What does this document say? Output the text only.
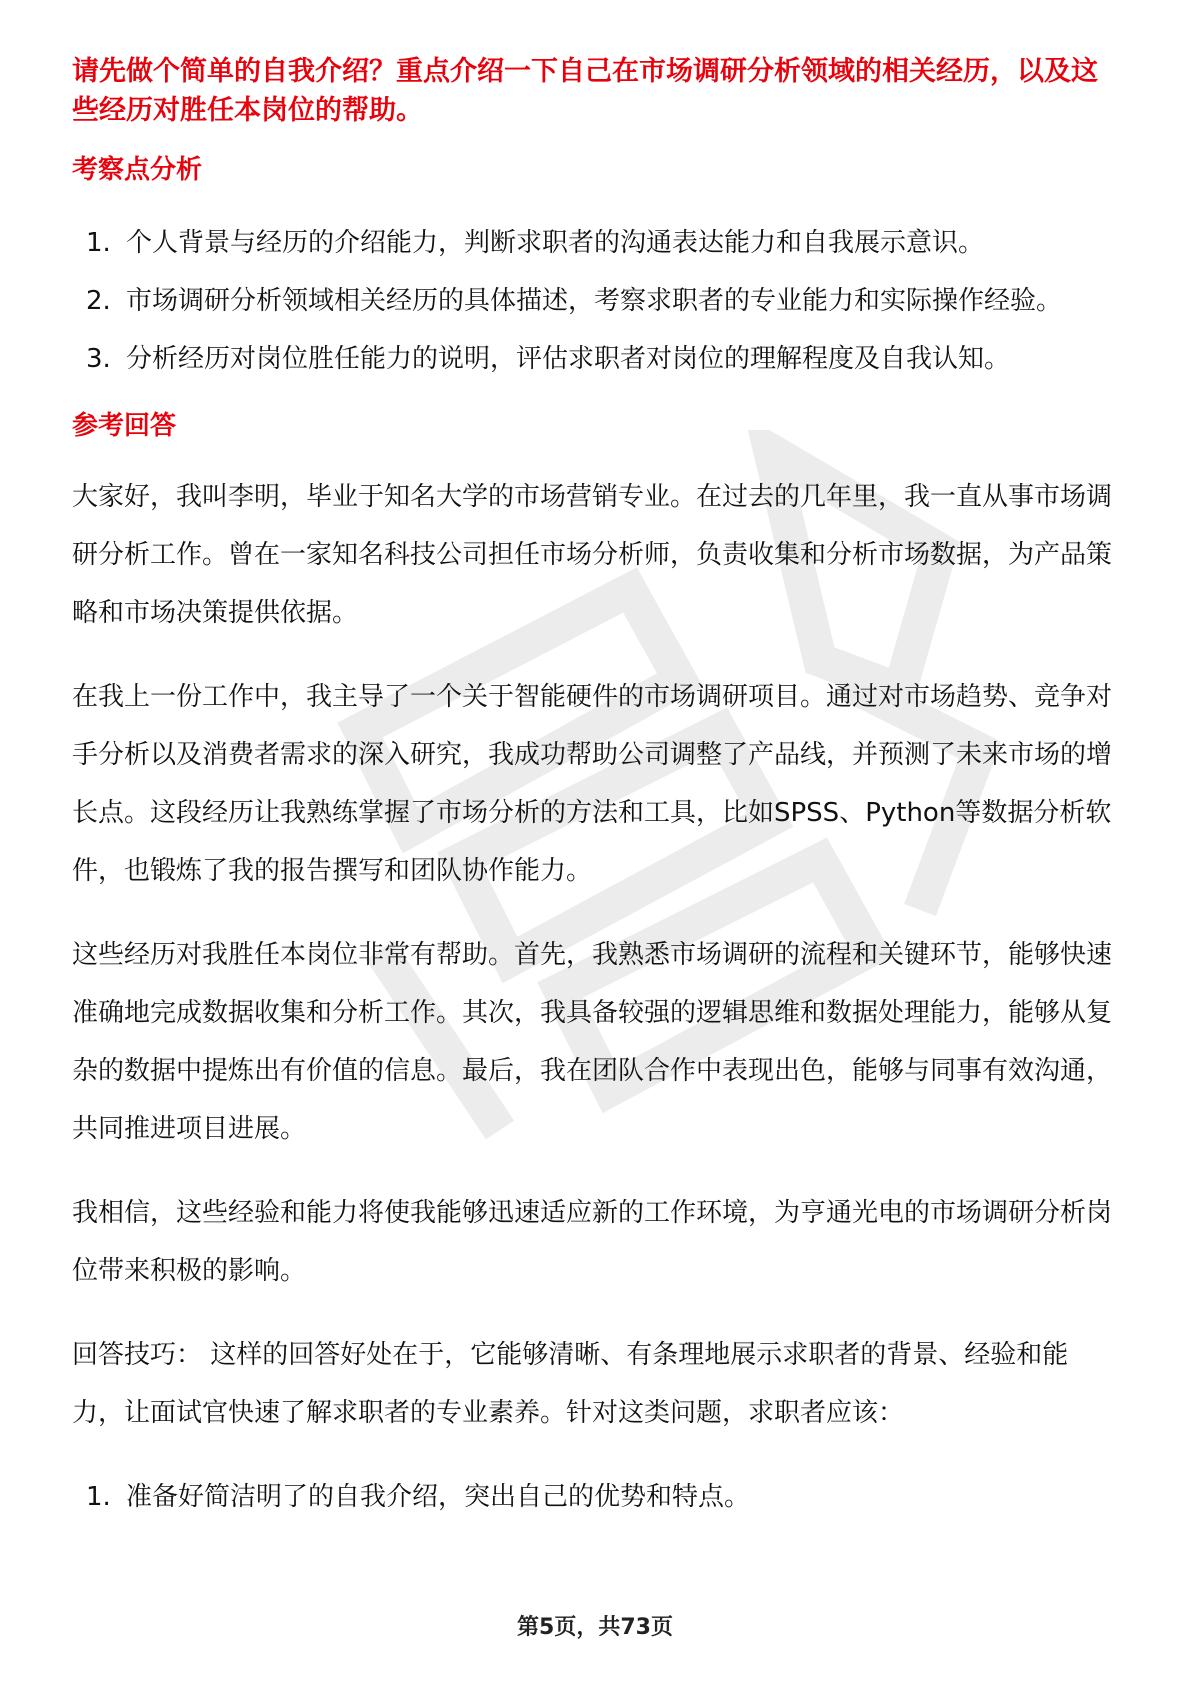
请先做个简单的自我介绍？重点介绍一下自己在市场调研分析领域的相关经历，以及这些经历对胜任本岗位的帮助。

考察点分析
1. 个人背景与经历的介绍能力，判断求职者的沟通表达能力和自我展示意识。
2. 市场调研分析领域相关经历的具体描述，考察求职者的专业能力和实际操作经验。
3. 分析经历对岗位胜任能力的说明，评估求职者对岗位的理解程度及自我认知。
参考回答

大家好，我叫李明，毕业于知名大学的市场营销专业。在过去的几年里，我一直从事市场调研分析工作。曾在一家知名科技公司担任市场分析师，负责收集和分析市场数据，为产品策略和市场决策提供依据。

在我上一份工作中，我主导了一个关于智能硬件的市场调研项目。通过对市场趋势、竞争对手分析以及消费者需求的深入研究，我成功帮助公司调整了产品线，并预测了未来市场的增长点。这段经历让我熟练掌握了市场分析的方法和工具，比如SPSS、Python等数据分析软件，也锻炼了我的报告撰写和团队协作能力。

这些经历对我胜任本岗位非常有帮助。首先，我熟悉市场调研的流程和关键环节，能够快速准确地完成数据收集和分析工作。其次，我具备较强的逻辑思维和数据处理能力，能够从复杂的数据中提炼出有价值的信息。最后，我在团队合作中表现出色，能够与同事有效沟通，共同推进项目进展。

我相信，这些经验和能力将使我能够迅速适应新的工作环境，为亨通光电的市场调研分析岗位带来积极的影响。

回答技巧： 这样的回答好处在于，它能够清晰、有条理地展示求职者的背景、经验和能力，让面试官快速了解求职者的专业素养。针对这类问题，求职者应该：

1. 准备好简洁明了的自我介绍，突出自己的优势和特点。
第5页，共73页
